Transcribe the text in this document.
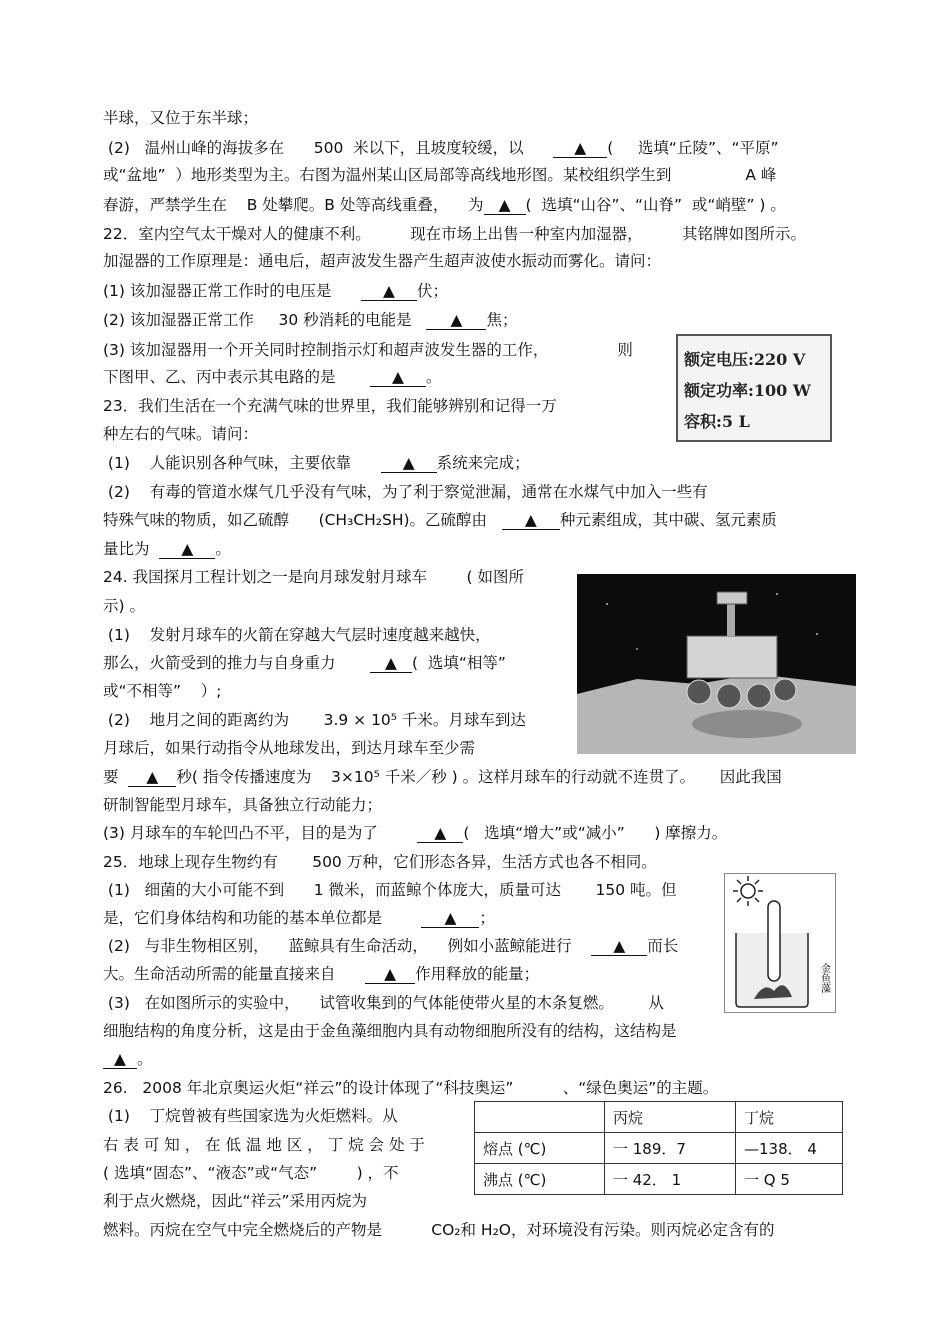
半球，又位于东半球；
(2)   温州山峰的海拔多在      500  米以下，且坡度较缓，以      ▲ (     选填“丘陵”、“平原”
或“盆地”  ）地形类型为主。右图为温州某山区局部等高线地形图。某校组织学生到               A 峰
春游，严禁学生在    B 处攀爬。B 处等高线重叠，    为 ▲ (  选填“山谷”、“山脊”  或“峭壁” ) 。
22．室内空气太干燥对人的健康不利。        现在市场上出售一种室内加湿器，        其铭牌如图所示。
加湿器的工作原理是：通电后，超声波发生器产生超声波使水振动而雾化。请问：
(1) 该加湿器正常工作时的电压是      ▲ 伏；
(2) 该加湿器正常工作     30 秒消耗的电能是   ▲ 焦；
(3) 该加湿器用一个开关同时控制指示灯和超声波发生器的工作，              则
下图甲、乙、丙中表示其电路的是       ▲ 。
23．我们生活在一个充满气味的世界里，我们能够辨别和记得一万
种左右的气味。请问：
(1)    人能识别各种气味，主要依靠      ▲ 系统来完成；
(2)    有毒的管道水煤气几乎没有气味，为了利于察觉泄漏，通常在水煤气中加入一些有
特殊气味的物质，如乙硫醇      (CH₃CH₂SH)。乙硫醇由   ▲ 种元素组成，其中碳、氢元素质
量比为  ▲ 。
24. 我国探月工程计划之一是向月球发射月球车        ( 如图所
示) 。
(1)    发射月球车的火箭在穿越大气层时速度越来越快，
那么，火箭受到的推力与自身重力       ▲ (  选填“相等”
或“不相等”    ）;
(2)    地月之间的距离约为       3.9 × 10⁵ 千米。月球车到达
月球后，如果行动指令从地球发出，到达月球车至少需
要  ▲ 秒( 指令传播速度为    3×10⁵ 千米／秒 ) 。这样月球车的行动就不连贯了。     因此我国
研制智能型月球车，具备独立行动能力；
(3) 月球车的车轮凹凸不平，目的是为了        ▲ (   选填“增大”或“减小”      ) 摩擦力。
25．地球上现存生物约有       500 万种，它们形态各异，生活方式也各不相同。
(1)   细菌的大小可能不到      1 微米，而蓝鲸个体庞大，质量可达       150 吨。但
是，它们身体结构和功能的基本单位都是        ▲ ；
(2)   与非生物相区别，    蓝鲸具有生命活动，    例如小蓝鲸能进行    ▲ 而长
大。生命活动所需的能量直接来自      ▲ 作用释放的能量；
(3)   在如图所示的实验中，    试管收集到的气体能使带火星的木条复燃。       从
细胞结构的角度分析，这是由于金鱼藻细胞内具有动物细胞所没有的结构，这结构是
▲ 。
26.   2008 年北京奥运火炬“祥云”的设计体现了“科技奥运”          、“绿色奥运”的主题。
(1)    丁烷曾被有些国家选为火炬燃料。从
右 表 可 知 ， 在 低 温 地 区 ， 丁 烷 会 处 于
( 选填“固态”、“液态”或“气态”        ) ，不
利于点火燃烧，因此“祥云”采用丙烷为
燃料。丙烷在空气中完全燃烧后的产物是          CO₂和 H₂O，对环境没有污染。则丙烷必定含有的
额定电压:220 V
额定功率:100 W
容积:5 L
金鱼藻
	丙烷	丁烷
熔点 (℃)	一 189．7	—138． 4
沸点 (℃)	一 42． 1	一 Q 5
